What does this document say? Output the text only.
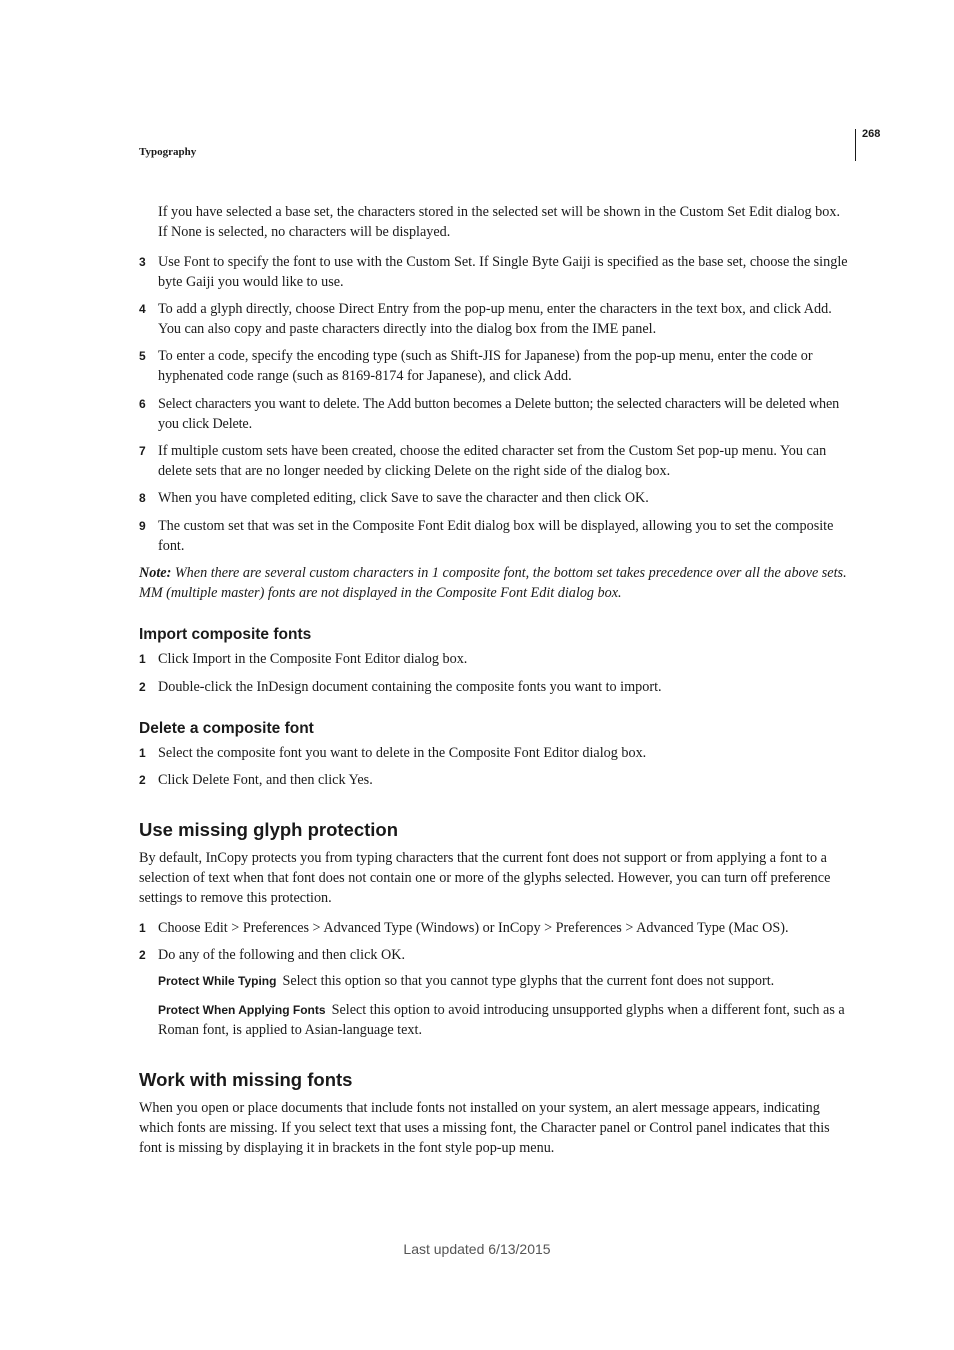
Typography
268

If you have selected a base set, the characters stored in the selected set will be shown in the Custom Set Edit dialog box. If None is selected, no characters will be displayed.

3 Use Font to specify the font to use with the Custom Set. If Single Byte Gaiji is specified as the base set, choose the single byte Gaiji you would like to use.

4 To add a glyph directly, choose Direct Entry from the pop-up menu, enter the characters in the text box, and click Add. You can also copy and paste characters directly into the dialog box from the IME panel.

5 To enter a code, specify the encoding type (such as Shift-JIS for Japanese) from the pop-up menu, enter the code or hyphenated code range (such as 8169-8174 for Japanese), and click Add.

6 Select characters you want to delete. The Add button becomes a Delete button; the selected characters will be deleted when you click Delete.

7 If multiple custom sets have been created, choose the edited character set from the Custom Set pop-up menu. You can delete sets that are no longer needed by clicking Delete on the right side of the dialog box.

8 When you have completed editing, click Save to save the character and then click OK.

9 The custom set that was set in the Composite Font Edit dialog box will be displayed, allowing you to set the composite font.

Note: When there are several custom characters in 1 composite font, the bottom set takes precedence over all the above sets. MM (multiple master) fonts are not displayed in the Composite Font Edit dialog box.

Import composite fonts
1 Click Import in the Composite Font Editor dialog box.

2 Double-click the InDesign document containing the composite fonts you want to import.

Delete a composite font
1 Select the composite font you want to delete in the Composite Font Editor dialog box.

2 Click Delete Font, and then click Yes.

Use missing glyph protection

By default, InCopy protects you from typing characters that the current font does not support or from applying a font to a selection of text when that font does not contain one or more of the glyphs selected. However, you can turn off preference settings to remove this protection.

1 Choose Edit > Preferences > Advanced Type (Windows) or InCopy > Preferences > Advanced Type (Mac OS).

2 Do any of the following and then click OK.

Protect While Typing Select this option so that you cannot type glyphs that the current font does not support.

Protect When Applying Fonts Select this option to avoid introducing unsupported glyphs when a different font, such as a Roman font, is applied to Asian-language text.

Work with missing fonts

When you open or place documents that include fonts not installed on your system, an alert message appears, indicating which fonts are missing. If you select text that uses a missing font, the Character panel or Control panel indicates that this font is missing by displaying it in brackets in the font style pop-up menu.

Last updated 6/13/2015
